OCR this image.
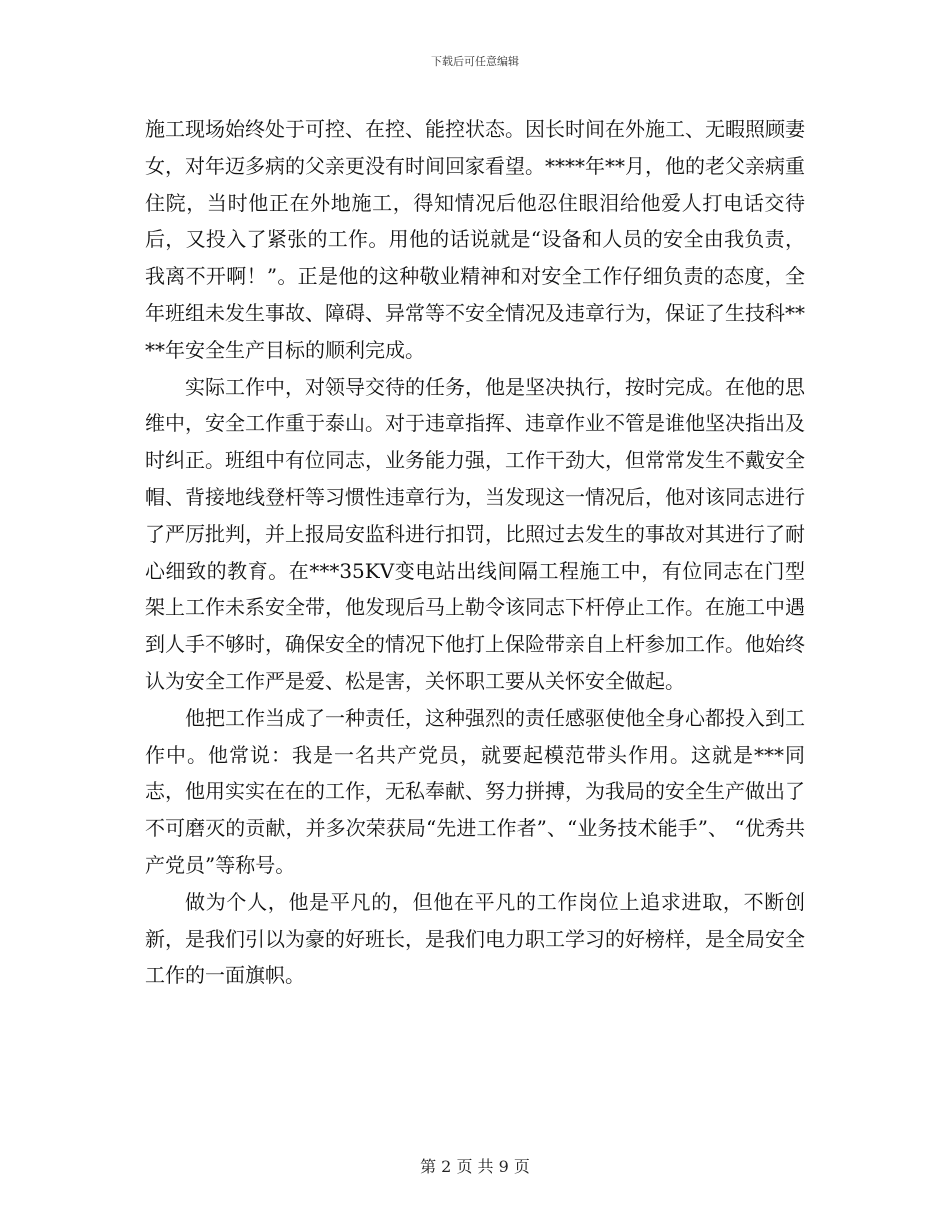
下载后可任意编辑

施工现场始终处于可控、在控、能控状态。因长时间在外施工、无暇照顾妻女，对年迈多病的父亲更没有时间回家看望。****年**月，他的老父亲病重住院，当时他正在外地施工，得知情况后他忍住眼泪给他爱人打电话交待后，又投入了紧张的工作。用他的话说就是“设备和人员的安全由我负责，我离不开啊！”。正是他的这种敬业精神和对安全工作仔细负责的态度，全年班组未发生事故、障碍、异常等不安全情况及违章行为，保证了生技科****年安全生产目标的顺利完成。

实际工作中，对领导交待的任务，他是坚决执行，按时完成。在他的思维中，安全工作重于泰山。对于违章指挥、违章作业不管是谁他坚决指出及时纠正。班组中有位同志，业务能力强，工作干劲大，但常常发生不戴安全帽、背接地线登杆等习惯性违章行为，当发现这一情况后，他对该同志进行了严厉批判，并上报局安监科进行扣罚，比照过去发生的事故对其进行了耐心细致的教育。在***35KV变电站出线间隔工程施工中，有位同志在门型架上工作未系安全带，他发现后马上勒令该同志下杆停止工作。在施工中遇到人手不够时，确保安全的情况下他打上保险带亲自上杆参加工作。他始终认为安全工作严是爱、松是害，关怀职工要从关怀安全做起。

他把工作当成了一种责任，这种强烈的责任感驱使他全身心都投入到工作中。他常说：我是一名共产党员，就要起模范带头作用。这就是***同志，他用实实在在的工作，无私奉献、努力拼搏，为我局的安全生产做出了不可磨灭的贡献，并多次荣获局“先进工作者”、“业务技术能手”、 “优秀共产党员”等称号。

做为个人，他是平凡的，但他在平凡的工作岗位上追求进取，不断创新，是我们引以为豪的好班长，是我们电力职工学习的好榜样，是全局安全工作的一面旗帜。

第 2 页 共 9 页
